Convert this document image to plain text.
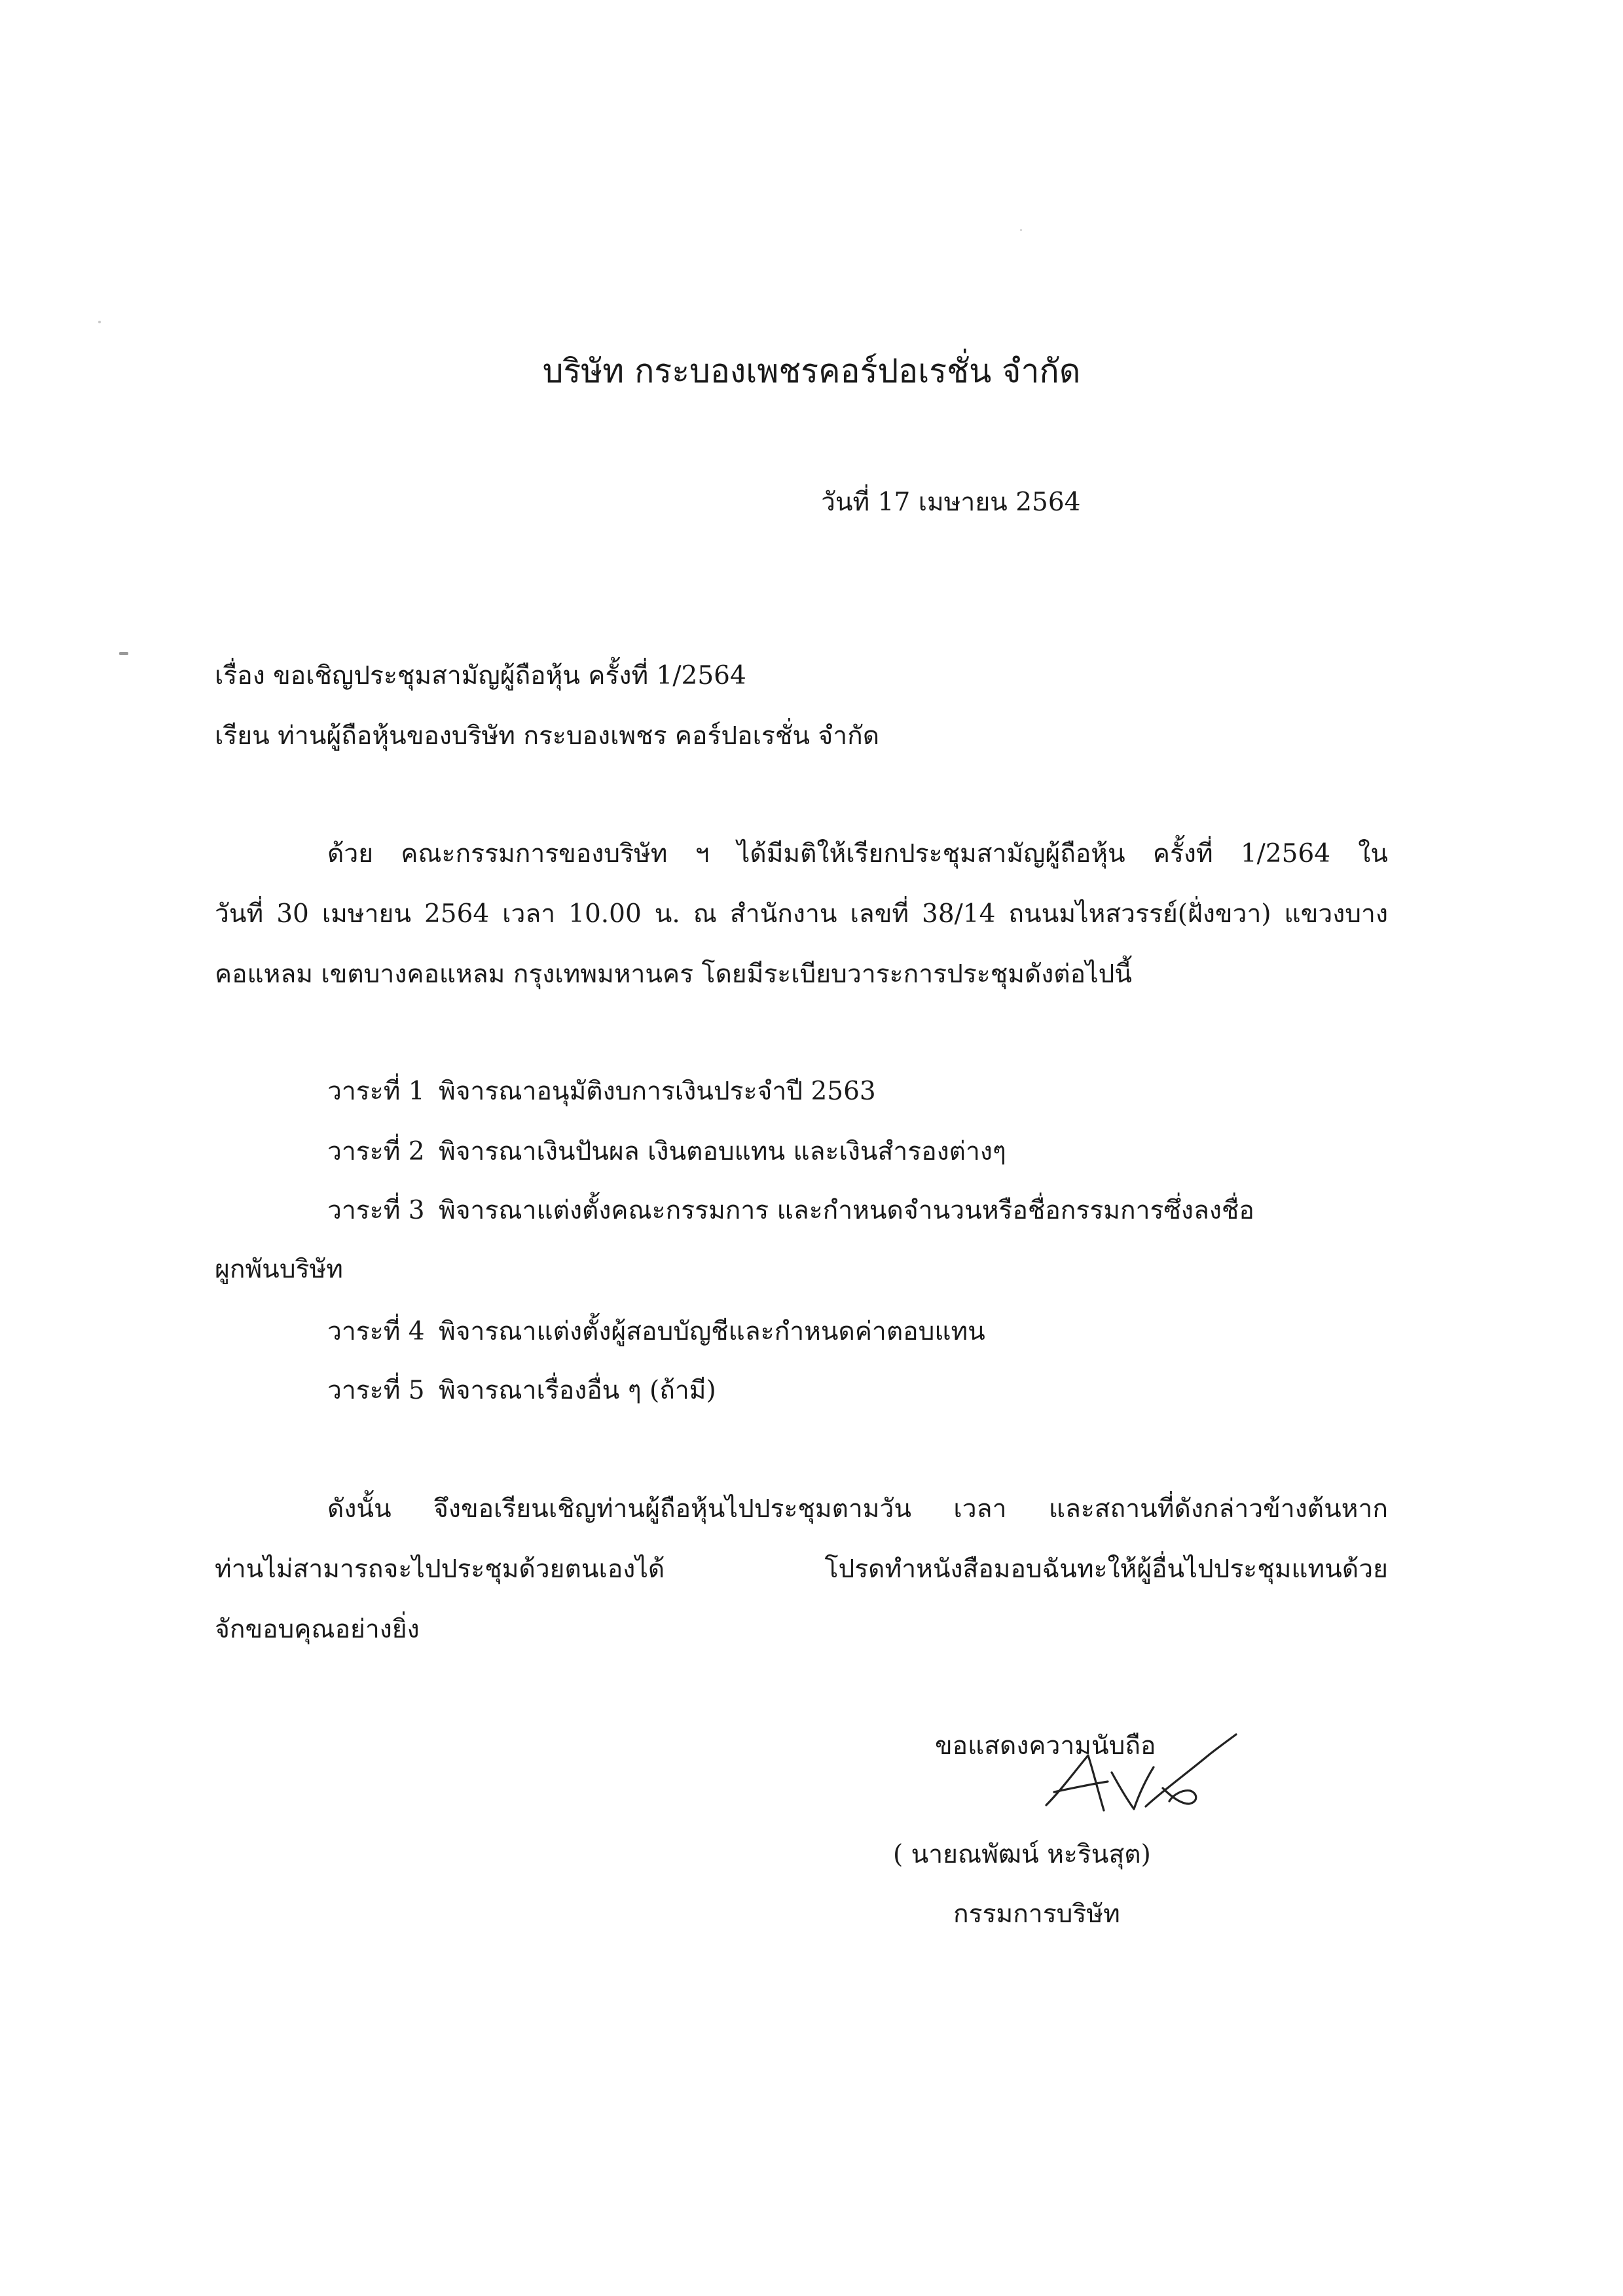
บริษัท กระบองเพชรคอร์ปอเรชั่น จำกัด
วันที่ 17 เมษายน 2564
เรื่อง ขอเชิญประชุมสามัญผู้ถือหุ้น ครั้งที่ 1/2564
เรียน ท่านผู้ถือหุ้นของบริษัท กระบองเพชร คอร์ปอเรชั่น จำกัด
ด้วย คณะกรรมการของบริษัท ฯ ได้มีมติให้เรียกประชุมสามัญผู้ถือหุ้น ครั้งที่ 1/2564 ใน
วันที่ 30 เมษายน 2564 เวลา 10.00 น. ณ สำนักงาน เลขที่ 38/14 ถนนมไหสวรรย์(ฝั่งขวา) แขวงบาง
คอแหลม เขตบางคอแหลม กรุงเทพมหานคร โดยมีระเบียบวาระการประชุมดังต่อไปนี้
วาระที่ 1 พิจารณาอนุมัติงบการเงินประจำปี 2563
วาระที่ 2 พิจารณาเงินปันผล เงินตอบแทน และเงินสำรองต่างๆ
วาระที่ 3 พิจารณาแต่งตั้งคณะกรรมการ และกำหนดจำนวนหรือชื่อกรรมการซึ่งลงชื่อ
ผูกพันบริษัท
วาระที่ 4 พิจารณาแต่งตั้งผู้สอบบัญชีและกำหนดค่าตอบแทน
วาระที่ 5 พิจารณาเรื่องอื่น ๆ (ถ้ามี)
ดังนั้น จึงขอเรียนเชิญท่านผู้ถือหุ้นไปประชุมตามวัน เวลา และสถานที่ดังกล่าวข้างต้นหาก
ท่านไม่สามารถจะไปประชุมด้วยตนเองได้ โปรดทำหนังสือมอบฉันทะให้ผู้อื่นไปประชุมแทนด้วย
จักขอบคุณอย่างยิ่ง
ขอแสดงความนับถือ
( นายณพัฒน์ หะรินสุต)
กรรมการบริษัท
